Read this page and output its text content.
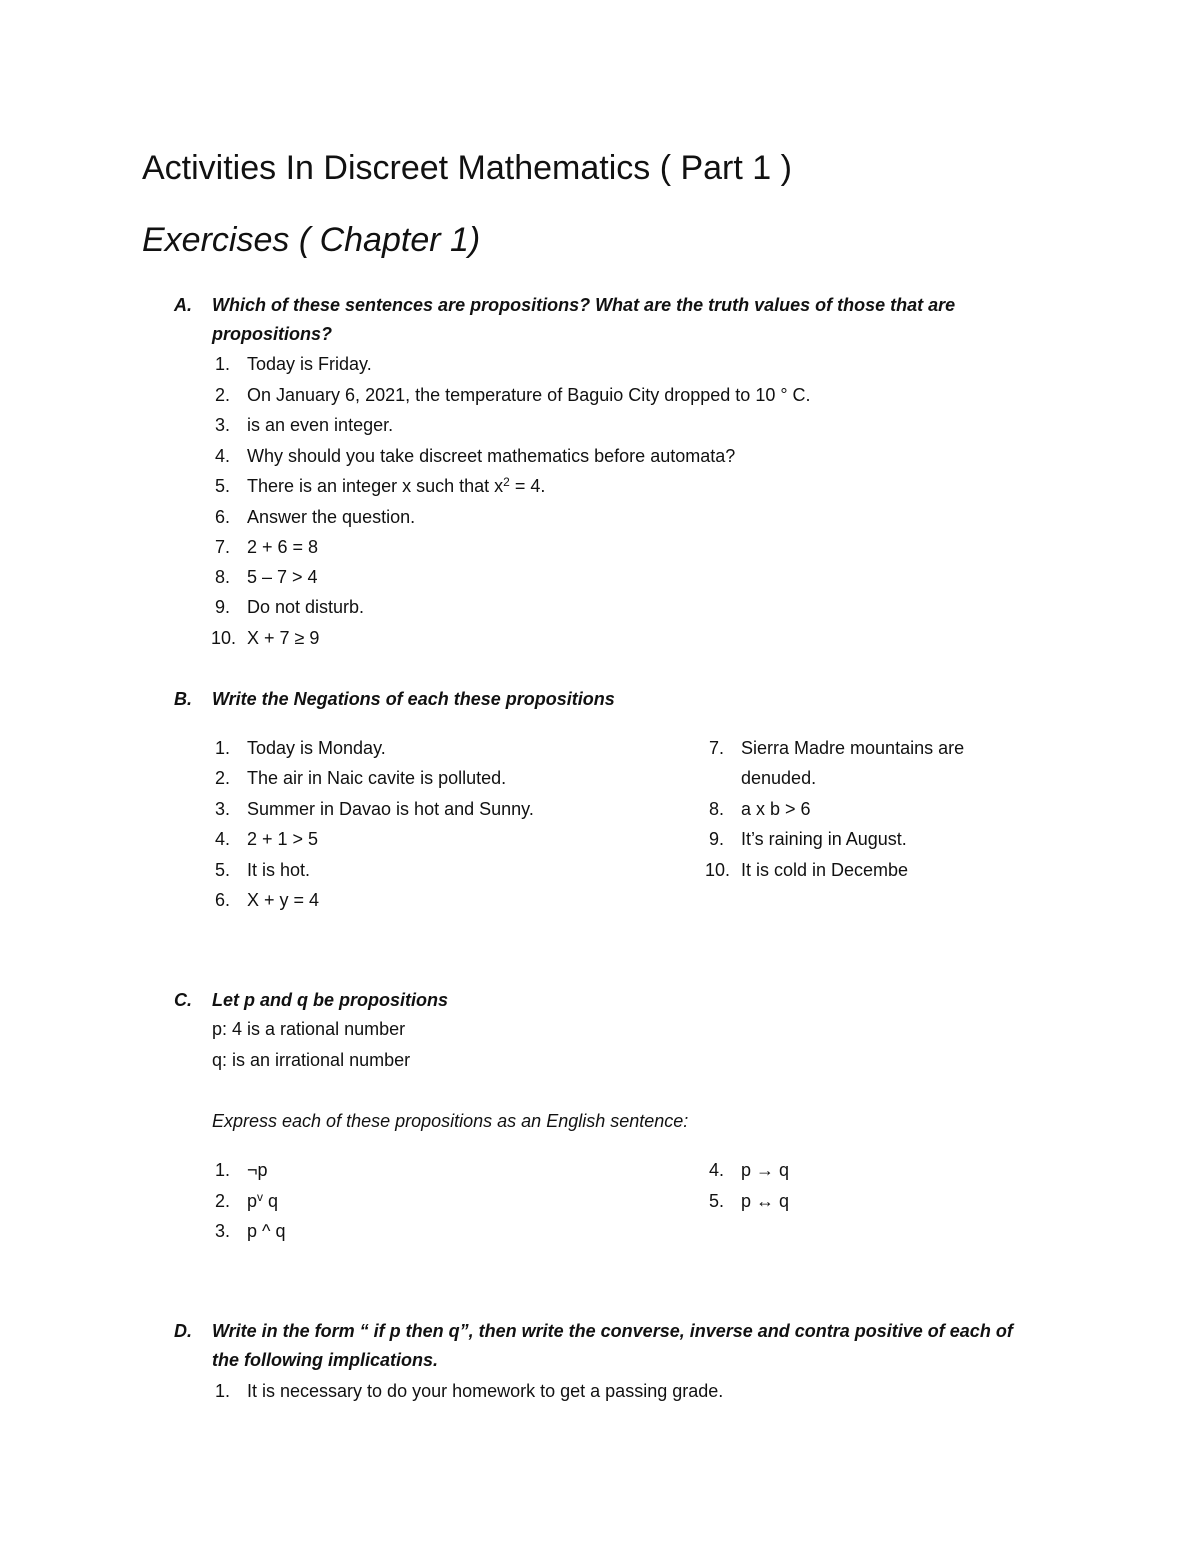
Activities In Discreet Mathematics ( Part 1 )
Exercises ( Chapter 1)
A. Which of these sentences are propositions? What are the truth values of those that are
propositions?
1. Today is Friday.
2. On January 6, 2021, the temperature of Baguio City dropped to 10 ° C.
3. is an even integer.
4. Why should you take discreet mathematics before automata?
5. There is an integer x such that $x^2 = 4$.
6. Answer the question.
7. 2 + 6 = 8
8. 5 – 7 > 4
9. Do not disturb.
10. X + 7 ≥ 9
B. Write the Negations of each these propositions
1. Today is Monday.
2. The air in Naic cavite is polluted.
3. Summer in Davao is hot and Sunny.
4. 2 + 1 > 5
5. It is hot.
6. X + y = 4
7. Sierra Madre mountains are
denuded.
8. a x b > 6
9. It’s raining in August.
10. It is cold in Decembe
C. Let p and q be propositions
p: 4 is a rational number
q: is an irrational number
Express each of these propositions as an English sentence:
1. ¬p
2. $p^v$ q
3. p ^ q
4. p → q
5. p ↔ q
D. Write in the form “ if p then q”, then write the converse, inverse and contra positive of each of
the following implications.
1. It is necessary to do your homework to get a passing grade.
